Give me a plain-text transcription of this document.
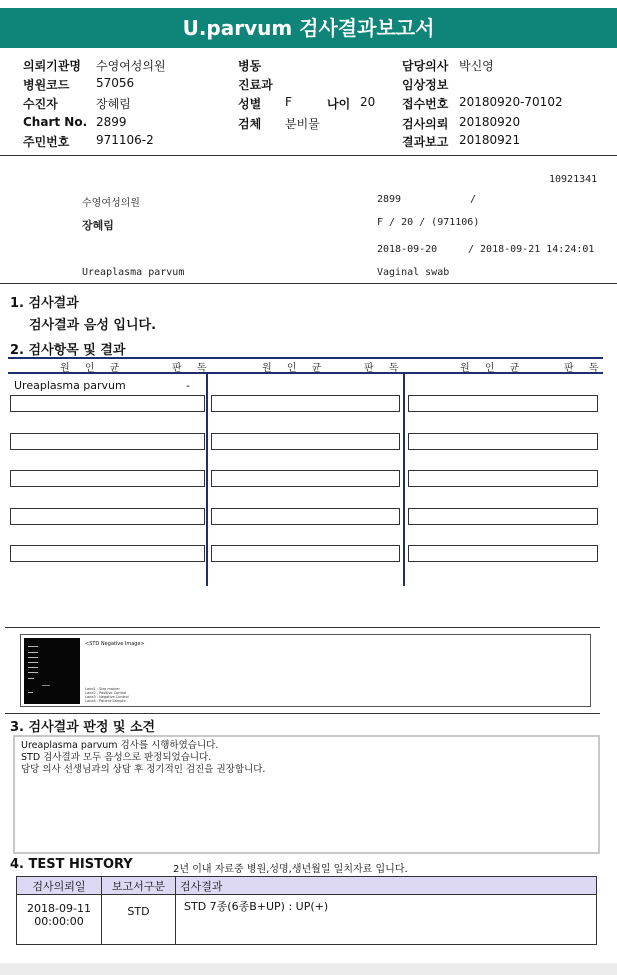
U.parvum 검사결과보고서
의뢰기관명 수영여성의원
병원코드 57056
수진자	장혜림
Chart No. 2899
주민번호 971106-2
병동
진료과
성별 F	나이 20
검체 분비물
담당의사 박신영
임상정보
접수번호 20180920-70102
검사의뢰 20180920
결과보고 20180921
10921341
수영여성의원	2899	/
장혜림	F / 20 / (971106)
2018-09-20	/ 2018-09-21 14:24:01
Ureaplasma parvum	Vaginal swab
1. 검사결과
검사결과 음성 입니다.
2. 검사항목 및 결과
원 인 균	판 독	원 인 균	판 독	원 인 균	판 독
Ureaplasma parvum	-
<STD Negative Image>
Lane1 : Size marker
Lane2 : Positive Control
Lane3 : Negative Control
Lane4 : Patient Sample
3. 검사결과 판정 및 소견
Ureaplasma parvum 검사를 시행하였습니다.
STD 검사결과 모두 음성으로 판정되었습니다.
담당 의사 선생님과의 상담 후 정기적인 검진을 권장합니다.
4. TEST HISTORY	2년 이내 자료중 병원,성명,생년월일 일치자료 입니다.
검사의뢰일	보고서구분	검사결과

2018-09-11
00:00:00	STD	STD 7종(6종B+UP) : UP(+)
